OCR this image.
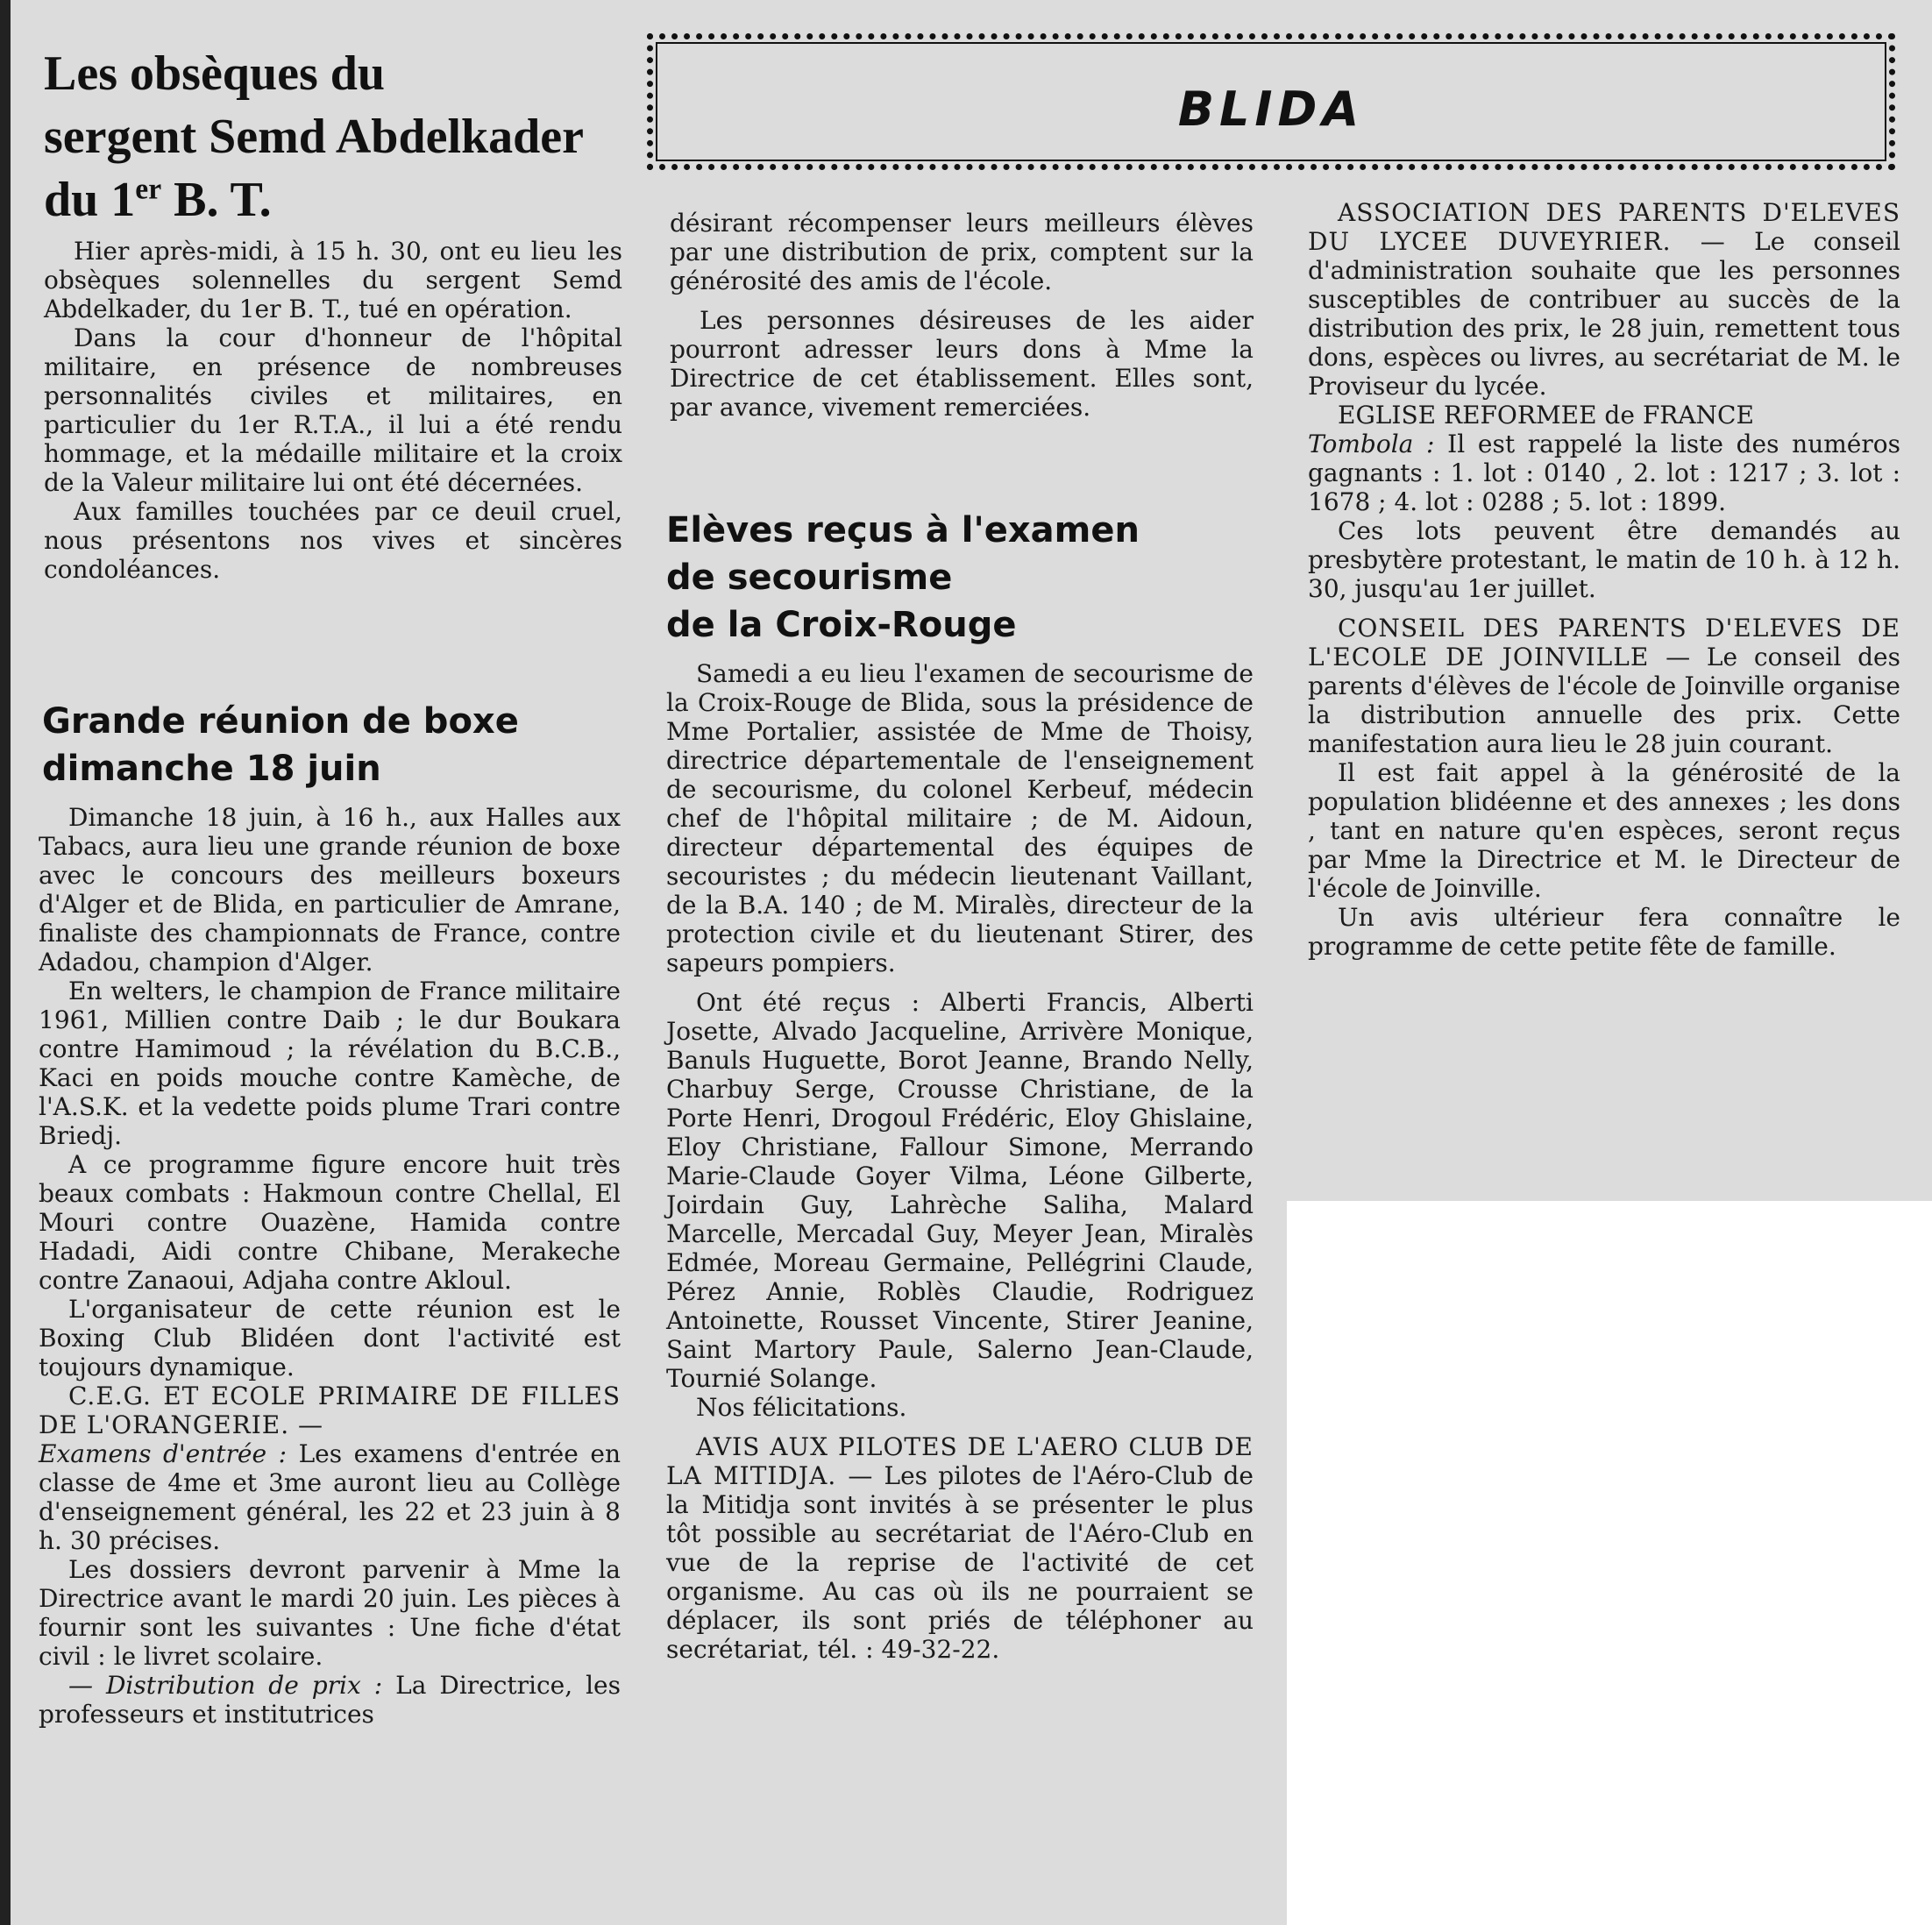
BLIDA
Les obsèques du
sergent Semd Abdelkader
du 1er B. T.

Hier après-midi, à 15 h. 30, ont eu lieu les obsèques solennelles du sergent Semd Abdelkader, du 1er B. T., tué en opération.

Dans la cour d'honneur de l'hôpital militaire, en présence de nombreuses personnalités civiles et militaires, en particulier du 1er R.T.A., il lui a été rendu hommage, et la médaille militaire et la croix de la Valeur militaire lui ont été décernées.

Aux familles touchées par ce deuil cruel, nous présentons nos vives et sincères condoléances.

Grande réunion de boxe
dimanche 18 juin

Dimanche 18 juin, à 16 h., aux Halles aux Tabacs, aura lieu une grande réunion de boxe avec le concours des meilleurs boxeurs d'Alger et de Blida, en particulier de Amrane, finaliste des championnats de France, contre Adadou, champion d'Alger.

En welters, le champion de France militaire 1961, Millien contre Daib ; le dur Boukara contre Hamimoud ; la révélation du B.C.B., Kaci en poids mouche contre Kamèche, de l'A.S.K. et la vedette poids plume Trari contre Briedj.

A ce programme figure encore huit très beaux combats : Hakmoun contre Chellal, El Mouri contre Ouazène, Hamida contre Hadadi, Aidi contre Chibane, Merakeche contre Zanaoui, Adjaha contre Akloul.

L'organisateur de cette réunion est le Boxing Club Blidéen dont l'activité est toujours dynamique.

C.E.G. ET ECOLE PRIMAIRE DE FILLES DE L'ORANGERIE. —

Examens d'entrée : Les examens d'entrée en classe de 4me et 3me auront lieu au Collège d'enseignement général, les 22 et 23 juin à 8 h. 30 précises.

Les dossiers devront parvenir à Mme la Directrice avant le mardi 20 juin. Les pièces à fournir sont les suivantes : Une fiche d'état civil : le livret scolaire.

— Distribution de prix : La Directrice, les professeurs et institutrices

désirant récompenser leurs meilleurs élèves par une distribution de prix, comptent sur la générosité des amis de l'école.

Les personnes désireuses de les aider pourront adresser leurs dons à Mme la Directrice de cet établissement. Elles sont, par avance, vivement remerciées.

Elèves reçus à l'examen
de secourisme
de la Croix-Rouge

Samedi a eu lieu l'examen de secourisme de la Croix-Rouge de Blida, sous la présidence de Mme Portalier, assistée de Mme de Thoisy, directrice départementale de l'enseignement de secourisme, du colonel Kerbeuf, médecin chef de l'hôpital militaire ; de M. Aidoun, directeur départemental des équipes de secouristes ; du médecin lieutenant Vaillant, de la B.A. 140 ; de M. Miralès, directeur de la protection civile et du lieutenant Stirer, des sapeurs pompiers.

Ont été reçus : Alberti Francis, Alberti Josette, Alvado Jacqueline, Arrivère Monique, Banuls Huguette, Borot Jeanne, Brando Nelly, Charbuy Serge, Crousse Christiane, de la Porte Henri, Drogoul Frédéric, Eloy Ghislaine, Eloy Christiane, Fallour Simone, Merrando Marie-Claude Goyer Vilma, Léone Gilberte, Joirdain Guy, Lahrèche Saliha, Malard Marcelle, Mercadal Guy, Meyer Jean, Miralès Edmée, Moreau Germaine, Pellégrini Claude, Pérez Annie, Roblès Claudie, Rodriguez Antoinette, Rousset Vincente, Stirer Jeanine, Saint Martory Paule, Salerno Jean-Claude, Tournié Solange.

Nos félicitations.

AVIS AUX PILOTES DE L'AERO CLUB DE LA MITIDJA. — Les pilotes de l'Aéro-Club de la Mitidja sont invités à se présenter le plus tôt possible au secrétariat de l'Aéro-Club en vue de la reprise de l'activité de cet organisme. Au cas où ils ne pourraient se déplacer, ils sont priés de téléphoner au secrétariat, tél. : 49-32-22.

ASSOCIATION DES PARENTS D'ELEVES DU LYCEE DUVEYRIER. — Le conseil d'administration souhaite que les personnes susceptibles de contribuer au succès de la distribution des prix, le 28 juin, remettent tous dons, espèces ou livres, au secrétariat de M. le Proviseur du lycée.

EGLISE REFORMEE de FRANCE

Tombola : Il est rappelé la liste des numéros gagnants : 1. lot : 0140 , 2. lot : 1217 ; 3. lot : 1678 ; 4. lot : 0288 ; 5. lot : 1899.

Ces lots peuvent être demandés au presbytère protestant, le matin de 10 h. à 12 h. 30, jusqu'au 1er juillet.

CONSEIL DES PARENTS D'ELEVES DE L'ECOLE DE JOINVILLE — Le conseil des parents d'élèves de l'école de Joinville organise la distribution annuelle des prix. Cette manifestation aura lieu le 28 juin courant.

Il est fait appel à la générosité de la population blidéenne et des annexes ; les dons , tant en nature qu'en espèces, seront reçus par Mme la Directrice et M. le Directeur de l'école de Joinville.

Un avis ultérieur fera connaître le programme de cette petite fête de famille.
